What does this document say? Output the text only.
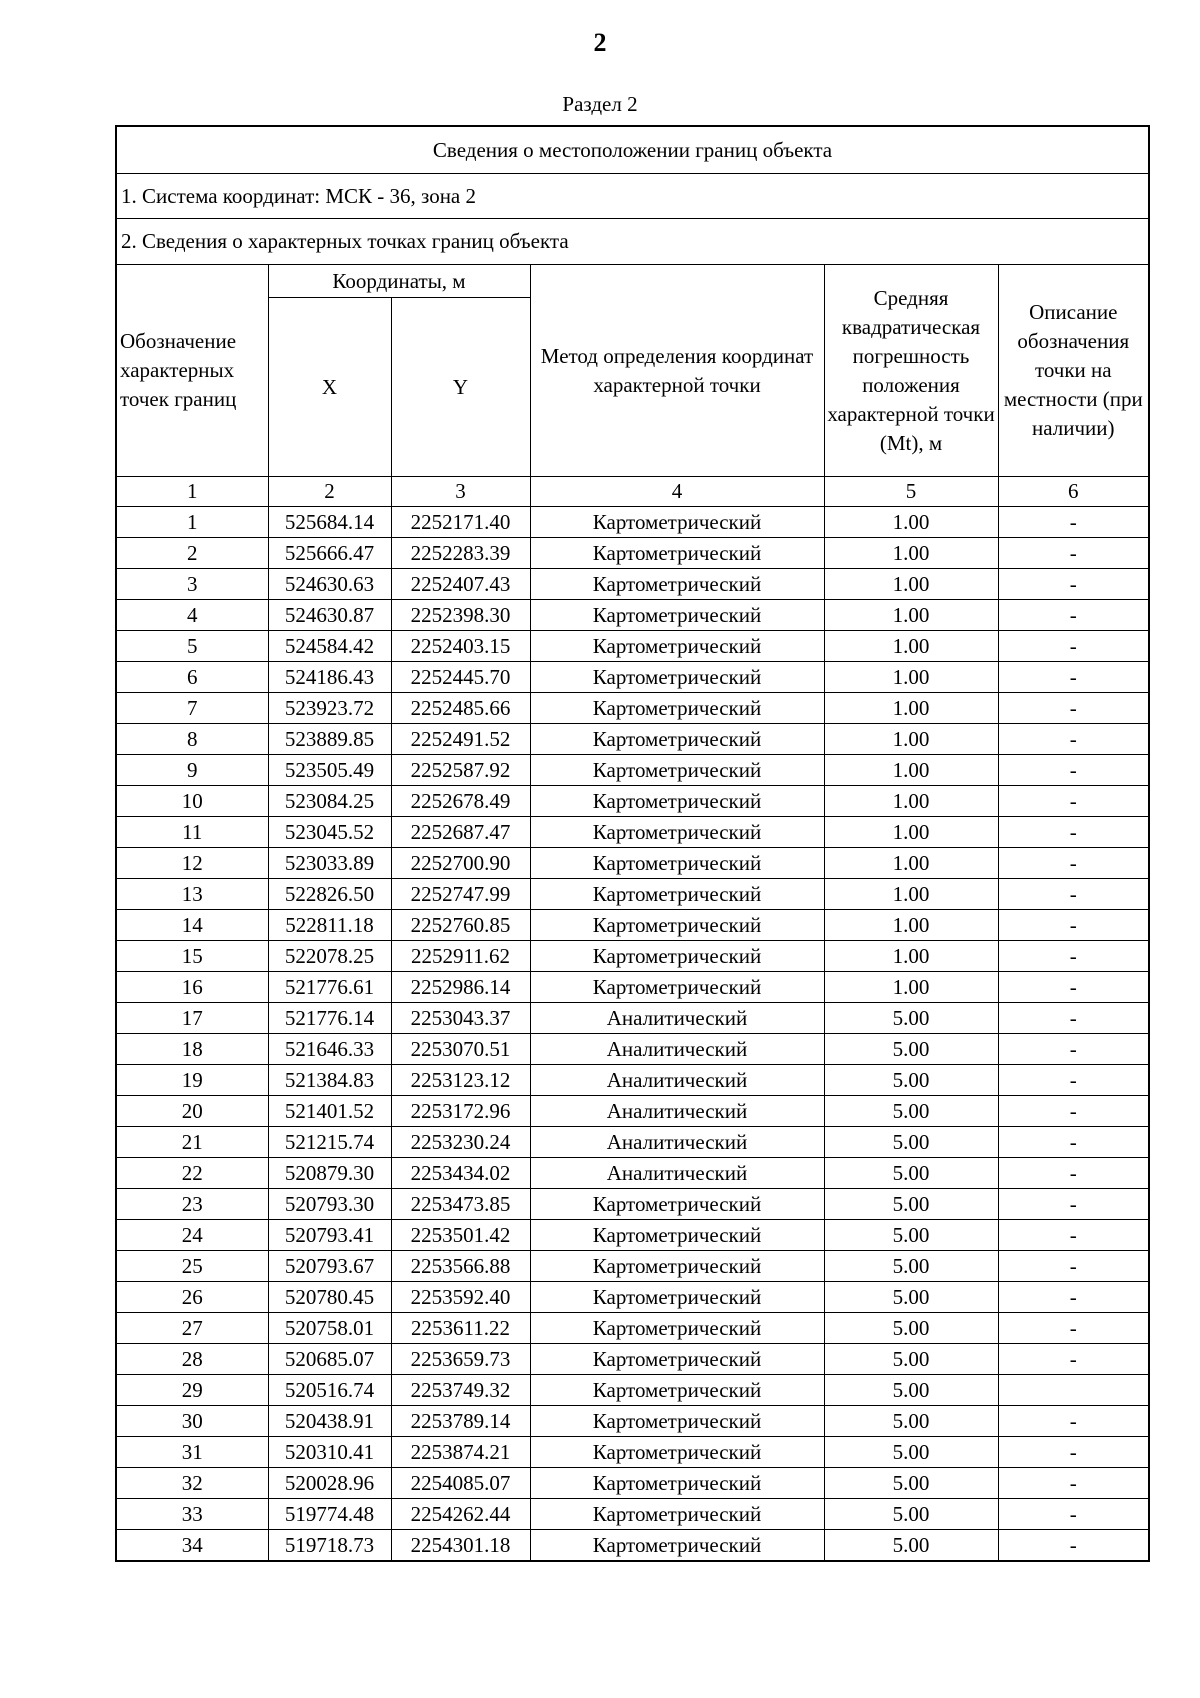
2
Раздел 2
Сведения о местоположении границ объекта					
1. Система координат: МСК - 36, зона 2					
2. Сведения о характерных точках границ объекта					
Обозначение характерных точек границ	Координаты, м		Метод определения координат характерной точки	Средняя квадратическая погрешность положения характерной точки (Mt), м	Описание обозначения точки на местности (при наличии)
	X	Y			
1	2	3	4	5	6
1	525684.14	2252171.40	Картометрический	1.00	-
2	525666.47	2252283.39	Картометрический	1.00	-
3	524630.63	2252407.43	Картометрический	1.00	-
4	524630.87	2252398.30	Картометрический	1.00	-
5	524584.42	2252403.15	Картометрический	1.00	-
6	524186.43	2252445.70	Картометрический	1.00	-
7	523923.72	2252485.66	Картометрический	1.00	-
8	523889.85	2252491.52	Картометрический	1.00	-
9	523505.49	2252587.92	Картометрический	1.00	-
10	523084.25	2252678.49	Картометрический	1.00	-
11	523045.52	2252687.47	Картометрический	1.00	-
12	523033.89	2252700.90	Картометрический	1.00	-
13	522826.50	2252747.99	Картометрический	1.00	-
14	522811.18	2252760.85	Картометрический	1.00	-
15	522078.25	2252911.62	Картометрический	1.00	-
16	521776.61	2252986.14	Картометрический	1.00	-
17	521776.14	2253043.37	Аналитический	5.00	-
18	521646.33	2253070.51	Аналитический	5.00	-
19	521384.83	2253123.12	Аналитический	5.00	-
20	521401.52	2253172.96	Аналитический	5.00	-
21	521215.74	2253230.24	Аналитический	5.00	-
22	520879.30	2253434.02	Аналитический	5.00	-
23	520793.30	2253473.85	Картометрический	5.00	-
24	520793.41	2253501.42	Картометрический	5.00	-
25	520793.67	2253566.88	Картометрический	5.00	-
26	520780.45	2253592.40	Картометрический	5.00	-
27	520758.01	2253611.22	Картометрический	5.00	-
28	520685.07	2253659.73	Картометрический	5.00	-
29	520516.74	2253749.32	Картометрический	5.00	
30	520438.91	2253789.14	Картометрический	5.00	-
31	520310.41	2253874.21	Картометрический	5.00	-
32	520028.96	2254085.07	Картометрический	5.00	-
33	519774.48	2254262.44	Картометрический	5.00	-
34	519718.73	2254301.18	Картометрический	5.00	-
